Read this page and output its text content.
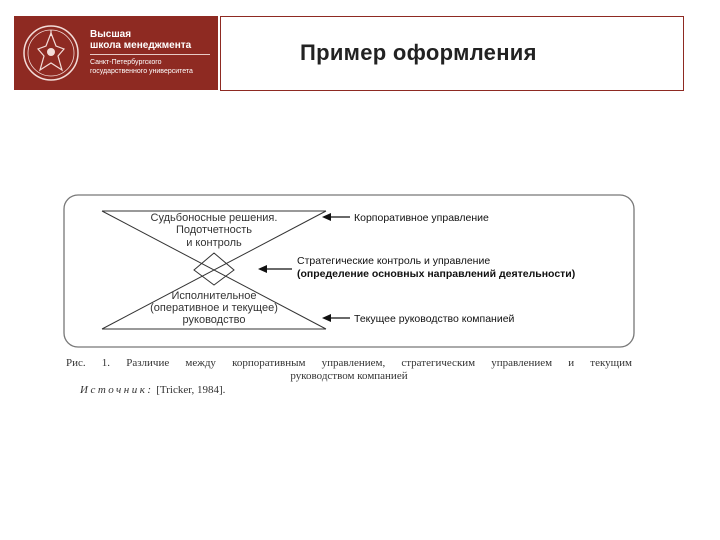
Высшая
школа менеджмента
Санкт-Петербургского
государственного университета
Пример оформления
Судьбоносные решения.
Подотчетность
и контроль
Исполнительное
(оперативное и текущее)
руководство
Корпоративное управление
Стратегические контроль и управление
(определение основных направлений деятельности)
Текущее руководство компанией
Рис. 1. Различие между корпоративным управлением, стратегическим управлением и текущим
руководством компанией
Источник: [Tricker, 1984].
